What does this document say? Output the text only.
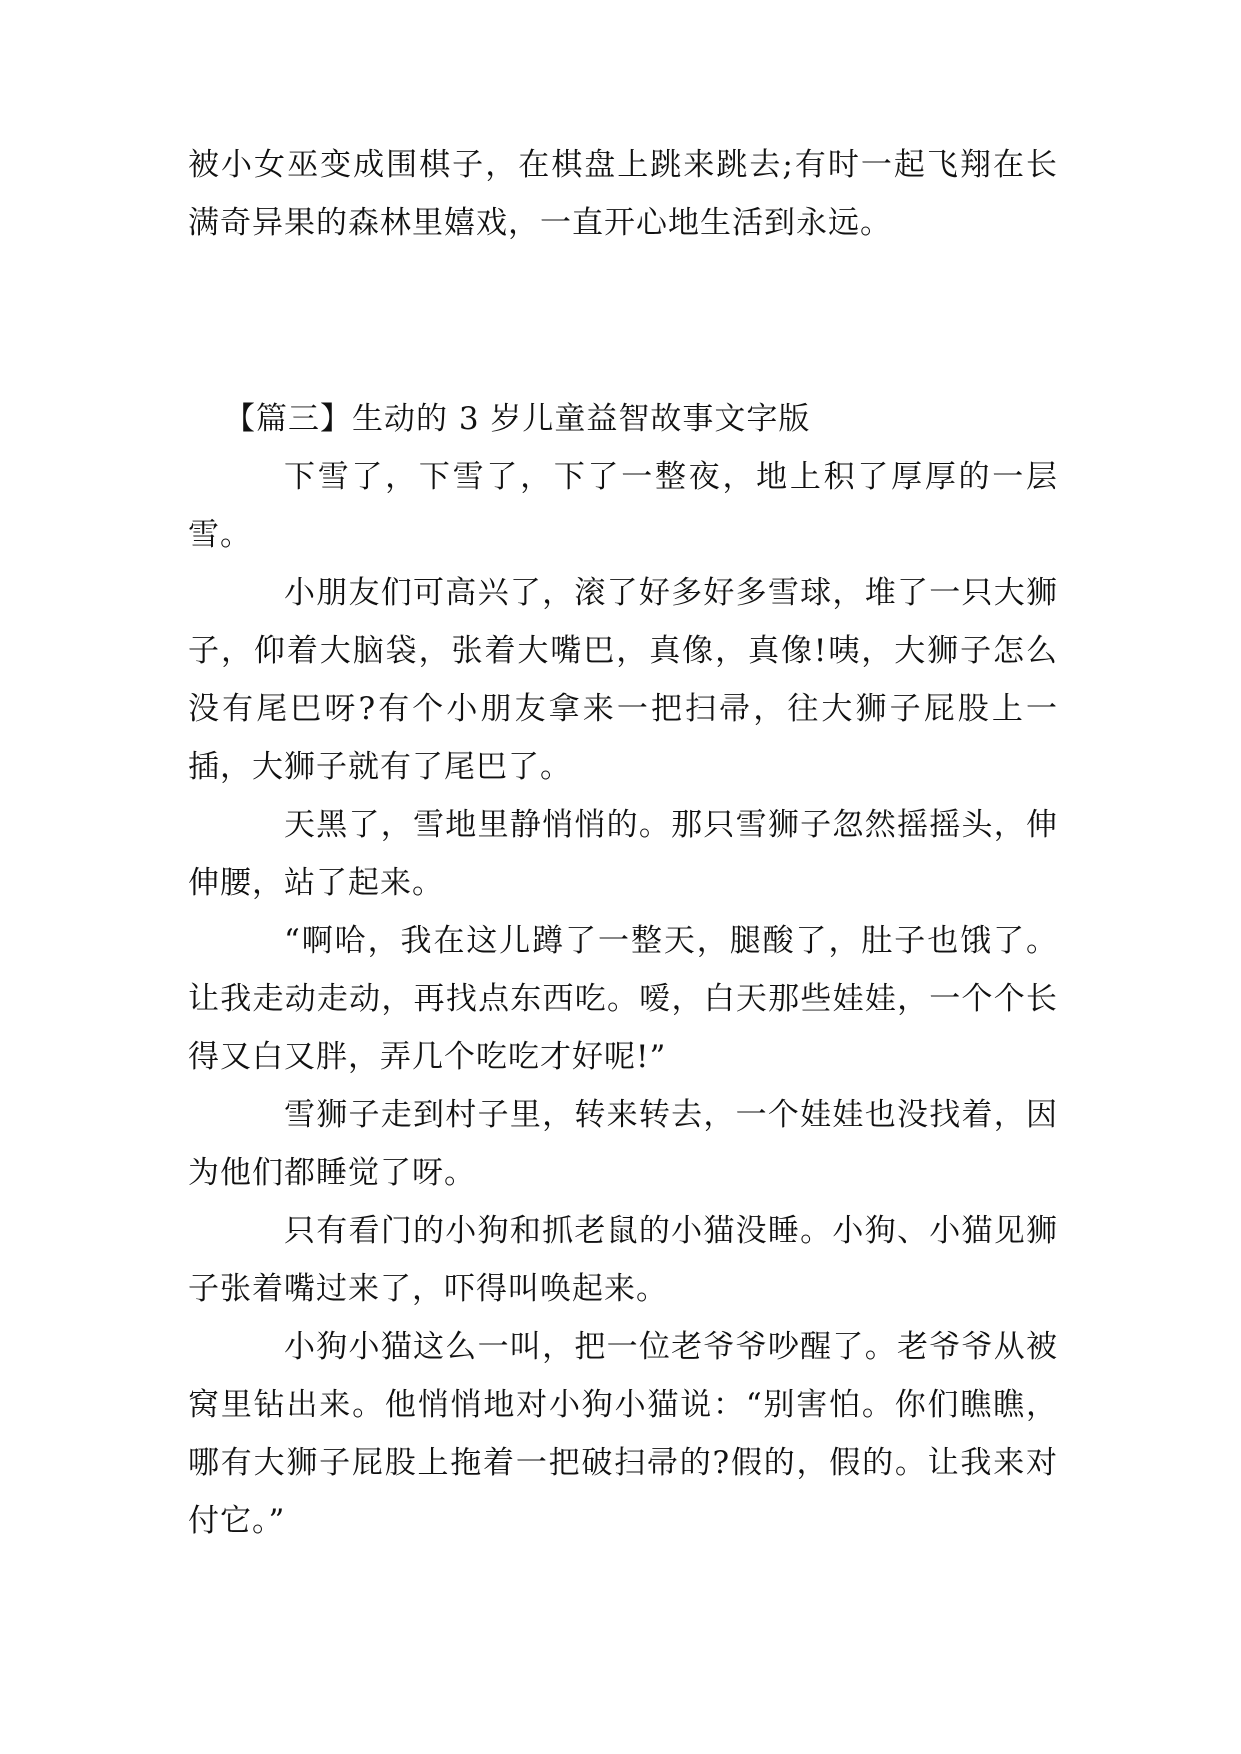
被小女巫变成围棋子，在棋盘上跳来跳去;有时一起飞翔在长满奇异果的森林里嬉戏，一直开心地生活到永远。

【篇三】生动的 3 岁儿童益智故事文字版

下雪了，下雪了，下了一整夜，地上积了厚厚的一层雪。

小朋友们可高兴了，滚了好多好多雪球，堆了一只大狮子，仰着大脑袋，张着大嘴巴，真像，真像!咦，大狮子怎么没有尾巴呀?有个小朋友拿来一把扫帚，往大狮子屁股上一插，大狮子就有了尾巴了。

天黑了，雪地里静悄悄的。那只雪狮子忽然摇摇头，伸伸腰，站了起来。

“啊哈，我在这儿蹲了一整天，腿酸了，肚子也饿了。让我走动走动，再找点东西吃。嗳，白天那些娃娃，一个个长得又白又胖，弄几个吃吃才好呢!”

雪狮子走到村子里，转来转去，一个娃娃也没找着，因为他们都睡觉了呀。

只有看门的小狗和抓老鼠的小猫没睡。小狗、小猫见狮子张着嘴过来了，吓得叫唤起来。

小狗小猫这么一叫，把一位老爷爷吵醒了。老爷爷从被窝里钻出来。他悄悄地对小狗小猫说：“别害怕。你们瞧瞧，哪有大狮子屁股上拖着一把破扫帚的?假的，假的。让我来对付它。”
